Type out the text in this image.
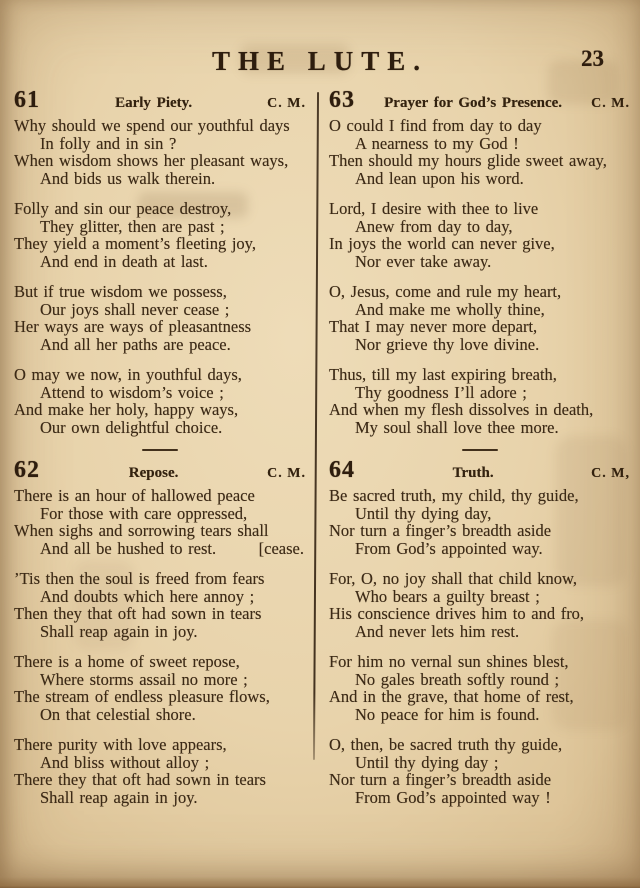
THE LUTE.	23
61	Early Piety.	C. M.
Why should we spend our youthful days
In folly and in sin ?
When wisdom shows her pleasant ways,
And bids us walk therein.
Folly and sin our peace destroy,
They glitter, then are past ;
They yield a moment’s fleeting joy,
And end in death at last.
But if true wisdom we possess,
Our joys shall never cease ;
Her ways are ways of pleasantness
And all her paths are peace.
O may we now, in youthful days,
Attend to wisdom’s voice ;
And make her holy, happy ways,
Our own delightful choice.
62	Repose.	C. M.
There is an hour of hallowed peace
For those with care oppressed,
When sighs and sorrowing tears shall
And all be hushed to rest.	[cease.
’Tis then the soul is freed from fears
And doubts which here annoy ;
Then they that oft had sown in tears
Shall reap again in joy.
There is a home of sweet repose,
Where storms assail no more ;
The stream of endless pleasure flows,
On that celestial shore.
There purity with love appears,
And bliss without alloy ;
There they that oft had sown in tears
Shall reap again in joy.
63	Prayer for God’s Presence.	C. M.
O could I find from day to day
A nearness to my God !
Then should my hours glide sweet away,
And lean upon his word.
Lord, I desire with thee to live
Anew from day to day,
In joys the world can never give,
Nor ever take away.
O, Jesus, come and rule my heart,
And make me wholly thine,
That I may never more depart,
Nor grieve thy love divine.
Thus, till my last expiring breath,
Thy goodness I’ll adore ;
And when my flesh dissolves in death,
My soul shall love thee more.
64	Truth.	C. M,
Be sacred truth, my child, thy guide,
Until thy dying day,
Nor turn a finger’s breadth aside
From God’s appointed way.
For, O, no joy shall that child know,
Who bears a guilty breast ;
His conscience drives him to and fro,
And never lets him rest.
For him no vernal sun shines blest,
No gales breath softly round ;
And in the grave, that home of rest,
No peace for him is found.
O, then, be sacred truth thy guide,
Until thy dying day ;
Nor turn a finger’s breadth aside
From God’s appointed way !
